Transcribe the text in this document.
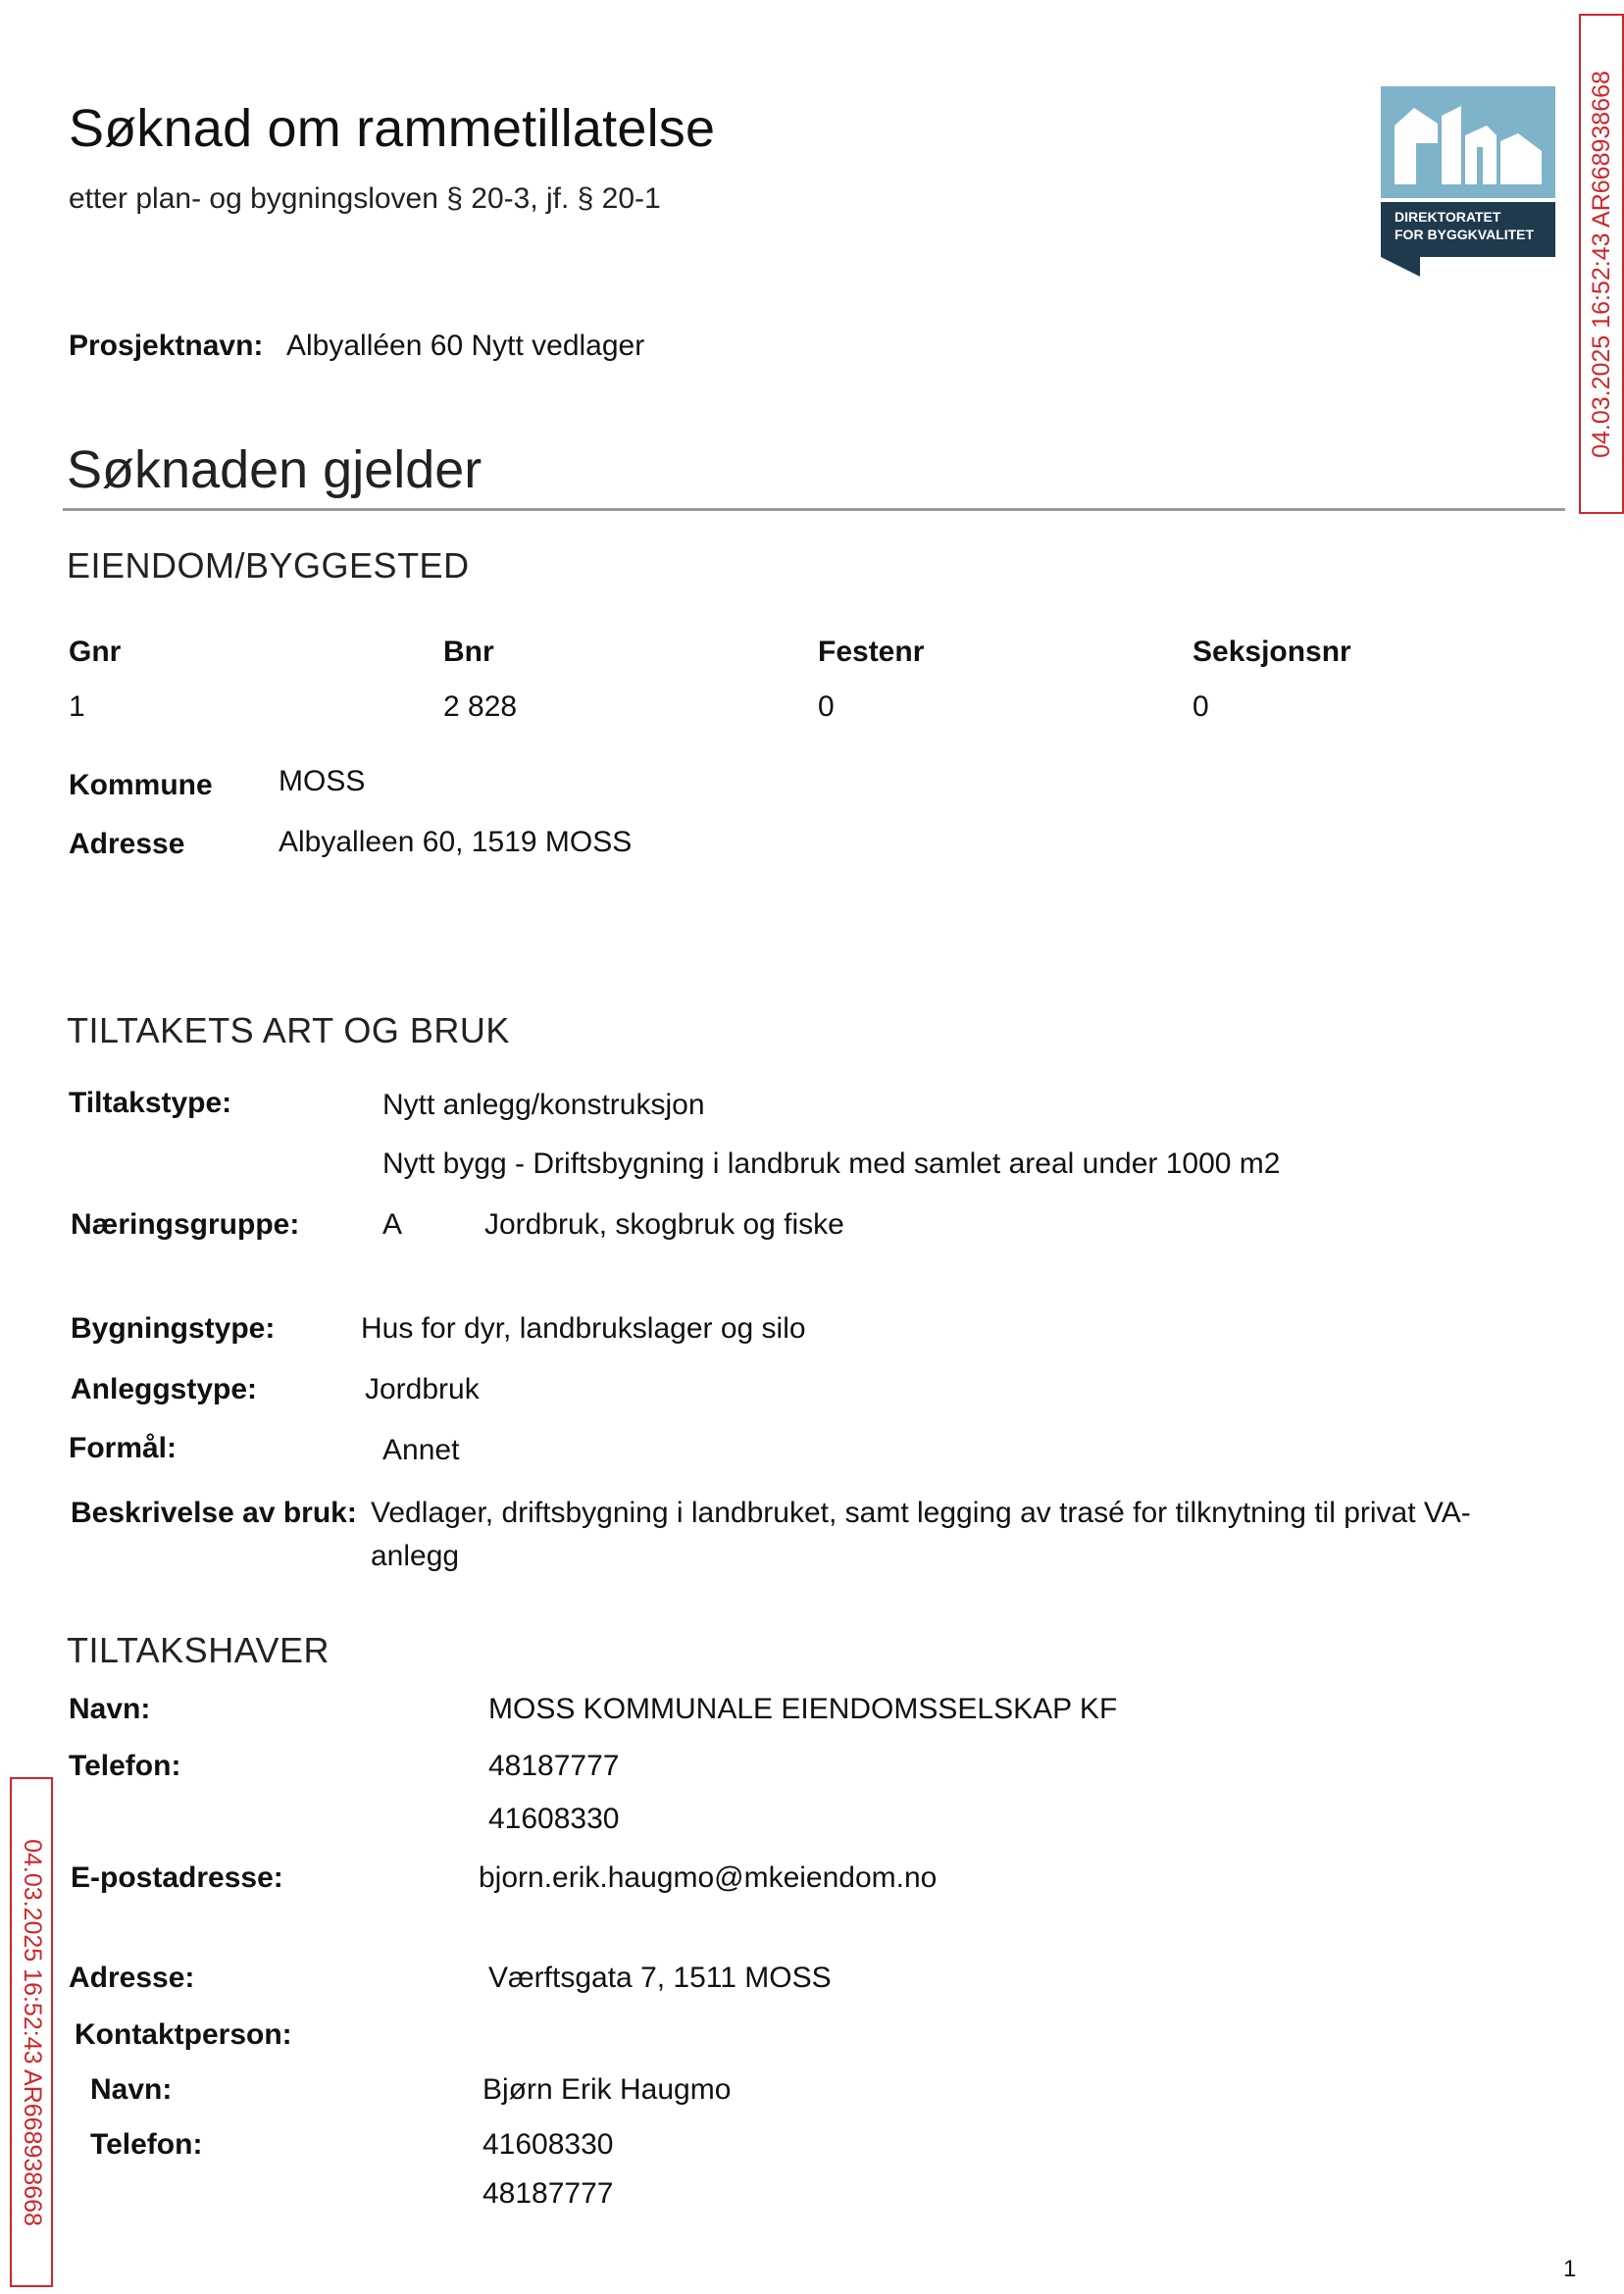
Søknad om rammetillatelse
etter plan- og bygningsloven § 20-3, jf. § 20-1
DIREKTORATET
FOR BYGGKVALITET 04.03.2025 16:52:43 AR668938668
04.03.2025 16:52:43 AR668938668
Prosjektnavn: Albyalléen 60 Nytt vedlager
Søknaden gjelder
EIENDOM/BYGGESTED
Gnr	Bnr	Festenr	Seksjonsnr
1	2 828	0	0
Kommune MOSS
Adresse	Albyalleen 60, 1519 MOSS
TILTAKETS ART OG BRUK
Tiltakstype:	Nytt anlegg/konstruksjon
Nytt bygg - Driftsbygning i landbruk med samlet areal under 1000 m2
Næringsgruppe:	A	Jordbruk, skogbruk og fiske
Bygningstype:	Hus for dyr, landbrukslager og silo
Anleggstype:	Jordbruk
Formål:	Annet
Beskrivelse av bruk: Vedlager, driftsbygning i landbruket, samt legging av trasé for tilknytning til privat VA-
anlegg
TILTAKSHAVER
Navn:	MOSS KOMMUNALE EIENDOMSSELSKAP KF
Telefon:	48187777
41608330
E-postadresse:	bjorn.erik.haugmo@mkeiendom.no
Adresse:	Værftsgata 7, 1511 MOSS
Kontaktperson:
Navn:	Bjørn Erik Haugmo
Telefon:	41608330
48187777
1
